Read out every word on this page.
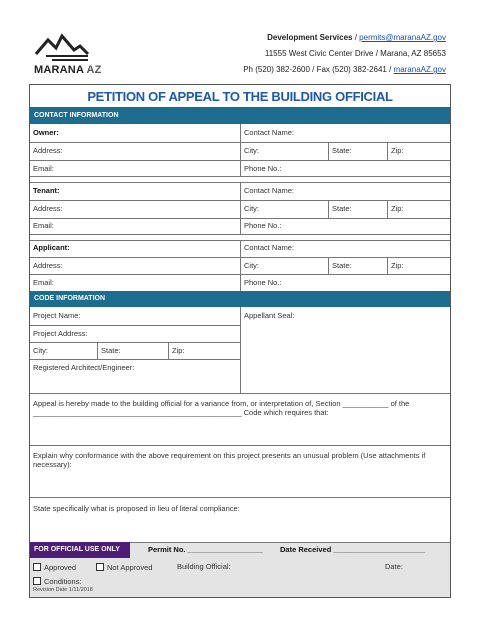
MARANA AZ
Development Services / permits@maranaAZ.gov
11555 West Civic Center Drive / Marana, AZ 85653
Ph (520) 382-2600 / Fax (520) 382-2641 / maranaAZ.gov
PETITION OF APPEAL TO THE BUILDING OFFICIAL
CONTACT INFORMATION
Owner:	Contact Name:
Address:	City:	State:	Zip:
Email:	Phone No.:
Tenant:	Contact Name:
Address:	City:	State:	Zip:
Email:	Phone No.:
Applicant:	Contact Name:
Address:	City:	State:	Zip:
Email:	Phone No.:
CODE INFORMATION
Project Name:	Appellant Seal:
Project Address:
City:	State:	Zip:
Registered Architect/Engineer:
Appeal is hereby made to the building official for a variance from, or interpretation of, Section ___________ of the __________________________________________________ Code which requires that:
Explain why conformance with the above requirement on this project presents an unusual problem (Use attachments if necessary):
State specifically what is proposed in lieu of literal compliance:
FOR OFFICIAL USE ONLY	Permit No. __________________ Date Received ______________________
Approved	Not Approved	Building Official:	Date:
Conditions:
Revision Date 1/11/2018
